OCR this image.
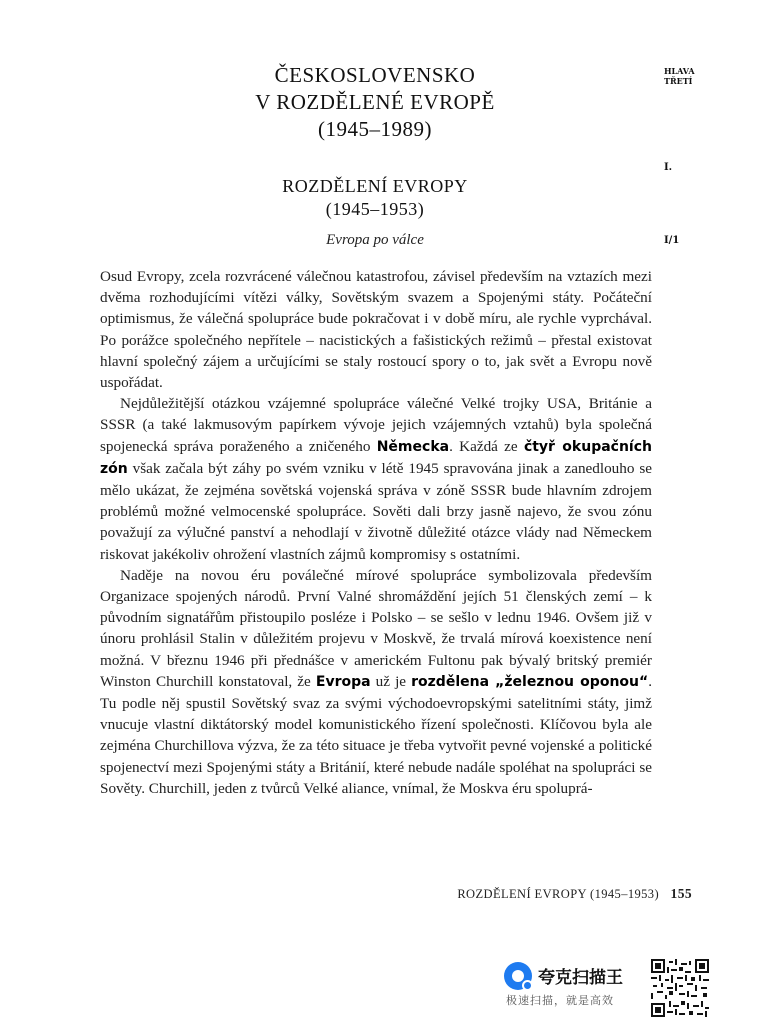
ČESKOSLOVENSKO
V ROZDĚLENÉ EVROPĚ
(1945–1989)
HLAVA
TŘETÍ
ROZDĚLENÍ EVROPY
(1945–1953)
I.
Evropa po válce	I/1

Osud Evropy, zcela rozvrácené válečnou katastrofou, závisel především na vztazích mezi dvěma rozhodujícími vítězi války, Sovětským svazem a Spojenými státy. Počáteční optimismus, že válečná spolupráce bude pokračovat i v době míru, ale rychle vyprchával. Po porážce společného nepřítele – nacistických a fašistických režimů – přestal existovat hlavní společný zájem a určujícími se staly rostoucí spory o to, jak svět a Evropu nově uspořádat.

Nejdůležitější otázkou vzájemné spolupráce válečné Velké trojky USA, Británie a SSSR (a také lakmusovým papírkem vývoje jejich vzájemných vztahů) byla společná spojenecká správa poraženého a zničeného Německa. Každá ze čtyř okupačních zón však začala být záhy po svém vzniku v létě 1945 spravována jinak a zanedlouho se mělo ukázat, že zejména sovětská vojenská správa v zóně SSSR bude hlavním zdrojem problémů možné velmocenské spolupráce. Sověti dali brzy jasně najevo, že svou zónu považují za výlučné panství a nehodlají v životně důležité otázce vlády nad Německem riskovat jakékoliv ohrožení vlastních zájmů kompromisy s ostatními.

Naděje na novou éru poválečné mírové spolupráce symbolizovala především Organizace spojených národů. První Valné shromáždění jejích 51 členských zemí – k původním signatářům přistoupilo posléze i Polsko – se sešlo v lednu 1946. Ovšem již v únoru prohlásil Stalin v důležitém projevu v Moskvě, že trvalá mírová koexistence není možná. V březnu 1946 při přednášce v americkém Fultonu pak bývalý britský premiér Winston Churchill konstatoval, že Evropa už je rozdělena „železnou oponou“. Tu podle něj spustil Sovětský svaz za svými východoevropskými satelitními státy, jimž vnucuje vlastní diktátorský model komunistického řízení společnosti. Klíčovou byla ale zejména Churchillova výzva, že za této situace je třeba vytvořit pevné vojenské a politické spojenectví mezi Spojenými státy a Británií, které nebude nadále spoléhat na spolupráci se Sověty. Churchill, jeden z tvůrců Velké aliance, vnímal, že Moskva éru spoluprá-

ROZDĚLENÍ EVROPY (1945–1953) 155
夸克扫描王
极速扫描，就是高效
